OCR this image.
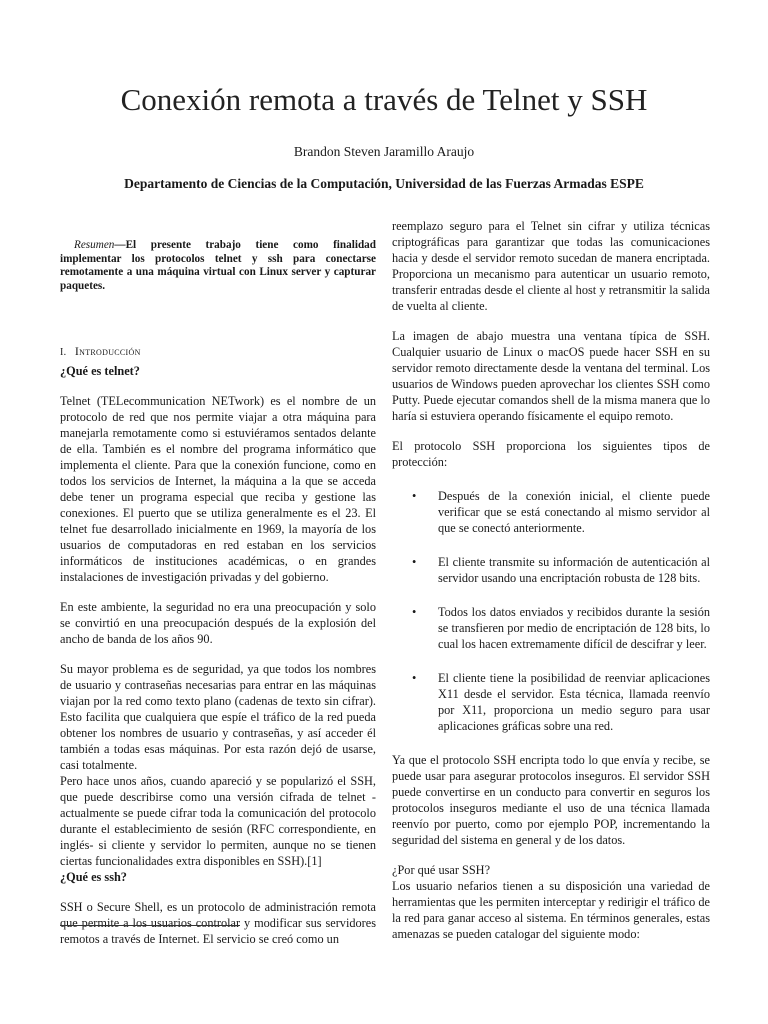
Conexión remota a través de Telnet y SSH
Brandon Steven Jaramillo Araujo
Departamento de Ciencias de la Computación, Universidad de las Fuerzas Armadas ESPE

Resumen—El presente trabajo tiene como finalidad implementar los protocolos telnet y ssh para conectarse remotamente a una máquina virtual con Linux server y capturar paquetes.

I. Introducción

¿Qué es telnet?

Telnet (TELecommunication NETwork) es el nombre de un protocolo de red que nos permite viajar a otra máquina para manejarla remotamente como si estuviéramos sentados delante de ella. También es el nombre del programa informático que implementa el cliente. Para que la conexión funcione, como en todos los servicios de Internet, la máquina a la que se acceda debe tener un programa especial que reciba y gestione las conexiones. El puerto que se utiliza generalmente es el 23. El telnet fue desarrollado inicialmente en 1969, la mayoría de los usuarios de computadoras en red estaban en los servicios informáticos de instituciones académicas, o en grandes instalaciones de investigación privadas y del gobierno.

En este ambiente, la seguridad no era una preocupación y solo se convirtió en una preocupación después de la explosión del ancho de banda de los años 90.

Su mayor problema es de seguridad, ya que todos los nombres de usuario y contraseñas necesarias para entrar en las máquinas viajan por la red como texto plano (cadenas de texto sin cifrar). Esto facilita que cualquiera que espíe el tráfico de la red pueda obtener los nombres de usuario y contraseñas, y así acceder él también a todas esas máquinas. Por esta razón dejó de usarse, casi totalmente.

Pero hace unos años, cuando apareció y se popularizó el SSH, que puede describirse como una versión cifrada de telnet -actualmente se puede cifrar toda la comunicación del protocolo durante el establecimiento de sesión (RFC correspondiente, en inglés- si cliente y servidor lo permiten, aunque no se tienen ciertas funcionalidades extra disponibles en SSH).[1]

¿Qué es ssh?

SSH o Secure Shell, es un protocolo de administración remota que permite a los usuarios controlar y modificar sus servidores remotos a través de Internet. El servicio se creó como un

reemplazo seguro para el Telnet sin cifrar y utiliza técnicas criptográficas para garantizar que todas las comunicaciones hacia y desde el servidor remoto sucedan de manera encriptada. Proporciona un mecanismo para autenticar un usuario remoto, transferir entradas desde el cliente al host y retransmitir la salida de vuelta al cliente.

La imagen de abajo muestra una ventana típica de SSH. Cualquier usuario de Linux o macOS puede hacer SSH en su servidor remoto directamente desde la ventana del terminal. Los usuarios de Windows pueden aprovechar los clientes SSH como Putty. Puede ejecutar comandos shell de la misma manera que lo haría si estuviera operando físicamente el equipo remoto.

El protocolo SSH proporciona los siguientes tipos de protección:

• Después de la conexión inicial, el cliente puede verificar que se está conectando al mismo servidor al que se conectó anteriormente.
• El cliente transmite su información de autenticación al servidor usando una encriptación robusta de 128 bits.
• Todos los datos enviados y recibidos durante la sesión se transfieren por medio de encriptación de 128 bits, lo cual los hacen extremamente difícil de descifrar y leer.
• El cliente tiene la posibilidad de reenviar aplicaciones X11 desde el servidor. Esta técnica, llamada reenvío por X11, proporciona un medio seguro para usar aplicaciones gráficas sobre una red.

Ya que el protocolo SSH encripta todo lo que envía y recibe, se puede usar para asegurar protocolos inseguros. El servidor SSH puede convertirse en un conducto para convertir en seguros los protocolos inseguros mediante el uso de una técnica llamada reenvío por puerto, como por ejemplo POP, incrementando la seguridad del sistema en general y de los datos.

¿Por qué usar SSH?

Los usuario nefarios tienen a su disposición una variedad de herramientas que les permiten interceptar y redirigir el tráfico de la red para ganar acceso al sistema. En términos generales, estas amenazas se pueden catalogar del siguiente modo:
